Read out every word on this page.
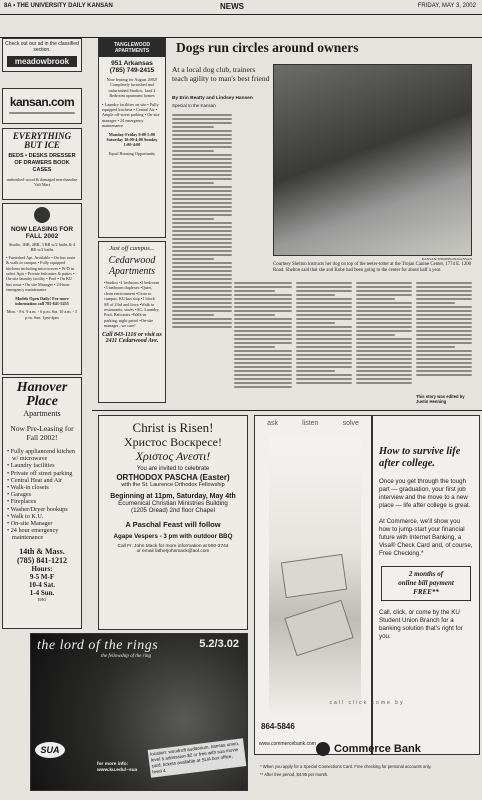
8A • THE UNIVERSITY DAILY KANSAN	NEWS	FRIDAY, MAY 3, 2002
Check out our ad in the classified section.
meadowbrook
kansan.com

EVERYTHING BUT ICE
BEDS • DESKS DRESSER OF DRAWERS BOOK CASES
unfinished wood & damaged merchandise
Vali Mart
NOW LEASING FOR FALL 2002
Studio, 1BR, 2BR, 3 BR w/2 baths & 4 BR w/2 baths
• Furnished Apt. Available • On bus route & walk to campus • Fully equipped kitchens including microwaves • W/D in select Apts • Private balconies & patios • On-site laundry facility • Pool • On KU bus route • On site Manager • 24-hour emergency maintenance
Models Open Daily! For more information call 785-841-5255
Mon. - Fri. 9 a.m. - 6 p.m. Sat. 10 a.m. - 5 p.m. Sun. 1pm-4pm
Hanover Place
Apartments
Now Pre-Leasing for Fall 2002!
• Fully appliancend kitchen w/ microwave
• Laundry facilities
• Private off street parking
• Central Heat and Air
• Walk-in closets
• Garages
• Fireplaces
• Washer/Dryer hookups
• Walk to K.U.
• On-site Manager
• 24 hour emergency maintenance
14th & Mass.
(785) 841-1212
Hours:
9-5 M-F
10-4 Sat.
1-4 Sun.
EHO
TANGLEWOOD APARTMENTS
951 Arkansas
(785) 749-2415
Now leasing for August 2002! Completely furnished and unfurnished Studios, 1and 2 Bedroom apartment homes
• Laundry facilities on site • Fully equipped kitchens • Central Air • Ample off-street parking • On-site manager • 24 emergency maintenance
Monday-Friday 9:00-5:00 Saturday 10:00-4:00 Sunday 1:00-4:00
Equal Housing Opportunity
Just off campus...
Cedarwood Apartments
•Studios •1 bedroom •2 bedroom •3 bedroom duplexes •Quiet, clean environment •Close to campus, KU bus stop •1 block SE of 23rd and Iowa •Walk to restaurants, stores •AC, Laundry, Pool, Balconies •Walk-in parking, night patrol •On-site manager...we care!
Call 843-1116 or visit us
2411 Cedarwood Ave.
Dogs run circles around owners
At a local dog club, trainers teach agility to man's best friend
By Erin Beatty and Lindsey Hansen
Special to the Kansan

KANSAN/THOMPSON/KANSAN
Courtney Shelton instructs her dog on top of the teeter-totter at the Trojan Canine Center, 1774 E. 1200 Road. Shelton said that she and Kobe had been going to the center for about half a year.

This story was edited by Justin Henning
Christ is Risen!
Христос Воскресе!
Χριστος Ανεστι!
You are invited to celebrate
ORTHODOX PASCHA (Easter)
with the St. Laurence Orthodox Fellowship
Beginning at 11pm, Saturday, May 4th
Ecumenical Christian Ministries Building
(1205 Oread) 2nd floor Chapel
A Paschal Feast will follow
Agape Vespers - 3 pm with outdoor BBQ
Call Fr. John Mack for more information at 550-3744
or email fatherjohnmack@aol.com
ask	listen	solve
864-5846
www.commercebank.com
How to survive life after college.
Once you get through the tough part — graduation, your first job interview and the move to a new place — life after college is great.
At Commerce, we'll show you how to jump-start your financial future with Internet Banking, a Visa® Check Card and, of course, Free Checking.*
2 months of
online bill payment
FREE**
Call, click, or come by the KU Student Union Branch for a banking solution that's right for you.
call click come by
Commerce Bank
* When you apply for a Special Connections Card. Free checking for personal accounts only.
** After free period, $4.95 per month.
the lord of the rings	5.2/3.02
the fellowship of the ring
SUA
for more info: www.ku.edu/~sua
location: woodruff auditorium, kansas union, level 5 admission $2 or free with sua movie card. tickets available at SUA box office, level 4
